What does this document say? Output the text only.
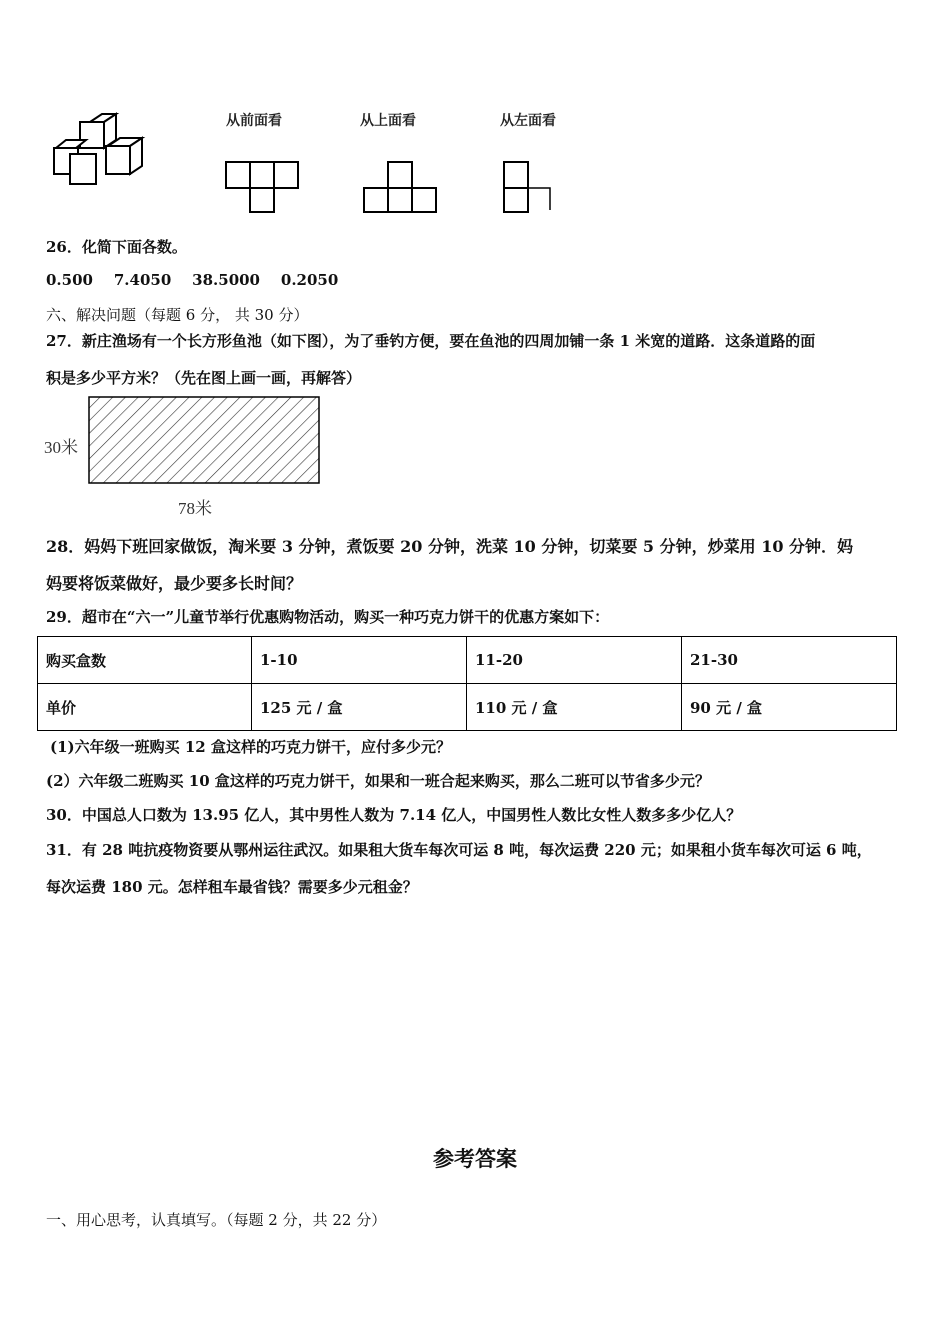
从前面看	从上面看	从左面看
26．化简下面各数。
0.500    7.4050    38.5000    0.2050
六、解决问题（每题 6 分， 共 30 分）
27．新庄渔场有一个长方形鱼池（如下图），为了垂钓方便，要在鱼池的四周加铺一条 1 米宽的道路．这条道路的面
积是多少平方米？（先在图上画一画，再解答）
30米
78米
28．妈妈下班回家做饭，淘米要 3 分钟，煮饭要 20 分钟，洗菜 10 分钟，切菜要 5 分钟，炒菜用 10 分钟．妈
妈要将饭菜做好，最少要多长时间？
29．超市在“六一”儿童节举行优惠购物活动，购买一种巧克力饼干的优惠方案如下：
购买盒数	1-10	11-20	21-30
单价	125 元 / 盒	110 元 / 盒	90 元 / 盒
(1)六年级一班购买 12 盒这样的巧克力饼干，应付多少元？
(2）六年级二班购买 10 盒这样的巧克力饼干，如果和一班合起来购买，那么二班可以节省多少元？
30．中国总人口数为 13.95 亿人，其中男性人数为 7.14 亿人，中国男性人数比女性人数多多少亿人？
31．有 28 吨抗疫物资要从鄂州运往武汉。如果租大货车每次可运 8 吨，每次运费 220 元；如果租小货车每次可运 6 吨，
每次运费 180 元。怎样租车最省钱？需要多少元租金？
参考答案
一、用心思考，认真填写。（每题 2 分，共 22 分）
